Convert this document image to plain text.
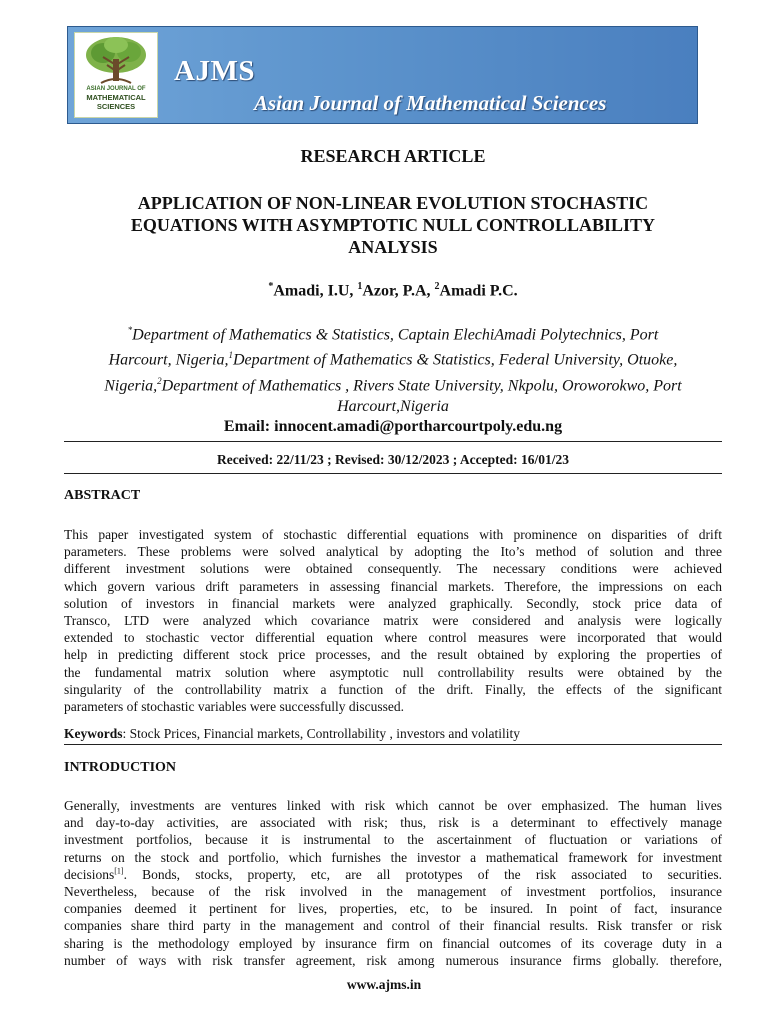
ASIAN JOURNAL OF
MATHEMATICAL
SCIENCES
AJMS
Asian Journal of Mathematical Sciences
RESEARCH ARTICLE
APPLICATION OF NON-LINEAR EVOLUTION STOCHASTIC
EQUATIONS WITH ASYMPTOTIC NULL CONTROLLABILITY
ANALYSIS
*Amadi, I.U, $^1$Azor, P.A, $^2$Amadi P.C.
*Department of Mathematics & Statistics, Captain ElechiAmadi Polytechnics, Port
Harcourt, Nigeria,$^1$Department of Mathematics & Statistics, Federal University, Otuoke,
Nigeria,$^2$Department of Mathematics , Rivers State University, Nkpolu, Oroworokwo, Port
Harcourt,Nigeria
Email: innocent.amadi@portharcourtpoly.edu.ng
Received: 22/11/23 ; Revised: 30/12/2023 ; Accepted: 16/01/23
ABSTRACT
This paper investigated system of stochastic differential equations with prominence on disparities of drift
parameters. These problems were solved analytical by adopting the Ito’s method of solution and three
different investment solutions were obtained consequently. The necessary conditions were achieved
which govern various drift parameters in assessing financial markets. Therefore, the impressions on each
solution of investors in financial markets were analyzed graphically. Secondly, stock price data of
Transco, LTD were analyzed which covariance matrix were considered and analysis were logically
extended to stochastic vector differential equation where control measures were incorporated that would
help in predicting different stock price processes, and the result obtained by exploring the properties of
the fundamental matrix solution where asymptotic null controllability results were obtained by the
singularity of the controllability matrix a function of the drift. Finally, the effects of the significant
parameters of stochastic variables were successfully discussed.
Keywords: Stock Prices, Financial markets, Controllability , investors and volatility
INTRODUCTION
Generally, investments are ventures linked with risk which cannot be over emphasized. The human lives
and day-to-day activities, are associated with risk; thus, risk is a determinant to effectively manage
investment portfolios, because it is instrumental to the ascertainment of fluctuation or variations of
returns on the stock and portfolio, which furnishes the investor a mathematical framework for investment
decisions[1]. Bonds, stocks, property, etc, are all prototypes of the risk associated to securities.
Nevertheless, because of the risk involved in the management of investment portfolios, insurance
companies deemed it pertinent for lives, properties, etc, to be insured. In point of fact, insurance
companies share third party in the management and control of their financial results. Risk transfer or risk
sharing is the methodology employed by insurance firm on financial outcomes of its coverage duty in a
number of ways with risk transfer agreement, risk among numerous insurance firms globally. therefore,
www.ajms.in
